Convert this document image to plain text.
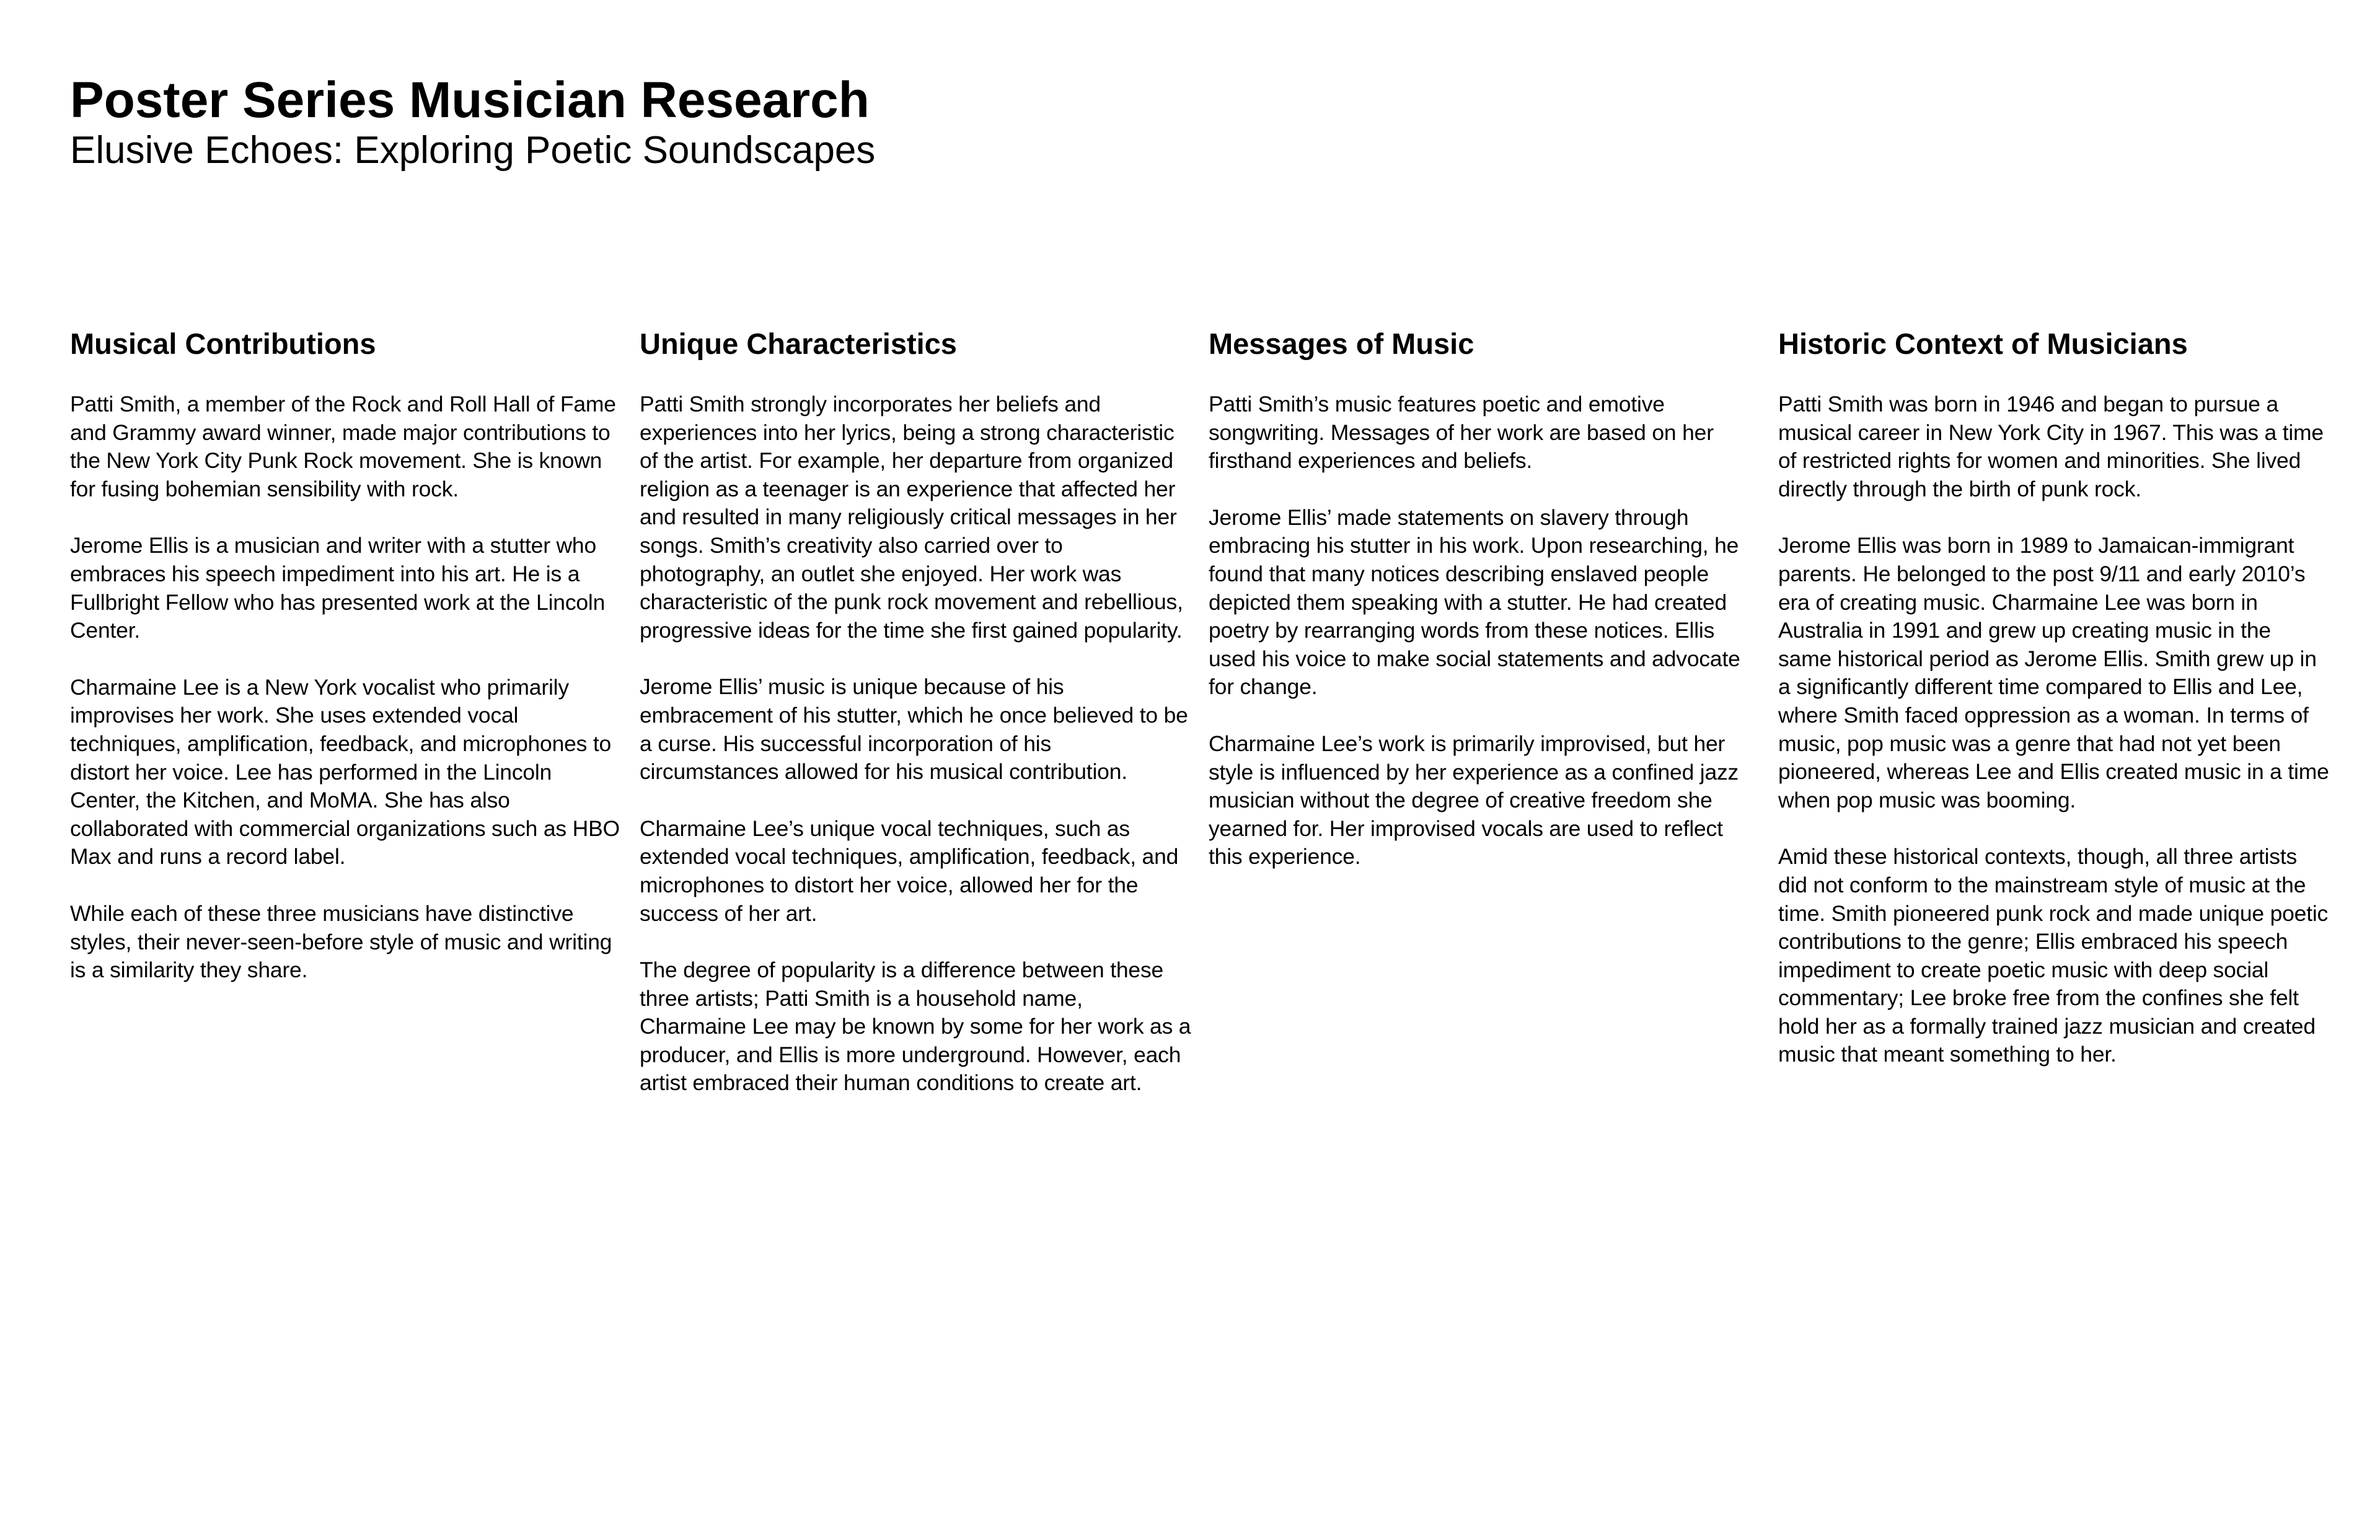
Poster Series Musician Research
Elusive Echoes: Exploring Poetic Soundscapes
Musical Contributions

Patti Smith, a member of the Rock and Roll Hall of Fame and Grammy award winner, made major contributions to the New York City Punk Rock movement. She is known for fusing bohemian sensibility with rock.

Jerome Ellis is a musician and writer with a stutter who embraces his speech impediment into his art. He is a Fullbright Fellow who has presented work at the Lincoln Center.

Charmaine Lee is a New York vocalist who primarily improvises her work. She uses extended vocal techniques, amplification, feedback, and microphones to distort her voice. Lee has performed in the Lincoln Center, the Kitchen, and MoMA. She has also collaborated with commercial organizations such as HBO Max and runs a record label.

While each of these three musicians have distinctive styles, their never-seen-before style of music and writing is a similarity they share.

Unique Characteristics

Patti Smith strongly incorporates her beliefs and experiences into her lyrics, being a strong characteristic of the artist. For example, her departure from organized religion as a teenager is an experience that affected her and resulted in many religiously critical messages in her songs. Smith’s creativity also carried over to photography, an outlet she enjoyed. Her work was characteristic of the punk rock movement and rebellious, progressive ideas for the time she first gained popularity.

Jerome Ellis’ music is unique because of his embracement of his stutter, which he once believed to be a curse. His successful incorporation of his circumstances allowed for his musical contribution.

Charmaine Lee’s unique vocal techniques, such as extended vocal techniques, amplification, feedback, and microphones to distort her voice, allowed her for the success of her art.

The degree of popularity is a difference between these three artists; Patti Smith is a household name, Charmaine Lee may be known by some for her work as a producer, and Ellis is more underground. However, each artist embraced their human conditions to create art.

Messages of Music

Patti Smith’s music features poetic and emotive songwriting. Messages of her work are based on her firsthand experiences and beliefs.

Jerome Ellis’ made statements on slavery through embracing his stutter in his work. Upon researching, he found that many notices describing enslaved people depicted them speaking with a stutter. He had created poetry by rearranging words from these notices. Ellis used his voice to make social statements and advocate for change.

Charmaine Lee’s work is primarily improvised, but her style is influenced by her experience as a confined jazz musician without the degree of creative freedom she yearned for. Her improvised vocals are used to reflect this experience.

Historic Context of Musicians

Patti Smith was born in 1946 and began to pursue a musical career in New York City in 1967. This was a time of restricted rights for women and minorities. She lived directly through the birth of punk rock.

Jerome Ellis was born in 1989 to Jamaican-immigrant parents. He belonged to the post 9/11 and early 2010’s era of creating music. Charmaine Lee was born in Australia in 1991 and grew up creating music in the same historical period as Jerome Ellis. Smith grew up in a significantly different time compared to Ellis and Lee, where Smith faced oppression as a woman. In terms of music, pop music was a genre that had not yet been pioneered, whereas Lee and Ellis created music in a time when pop music was booming.

Amid these historical contexts, though, all three artists did not conform to the mainstream style of music at the time. Smith pioneered punk rock and made unique poetic contributions to the genre; Ellis embraced his speech impediment to create poetic music with deep social commentary; Lee broke free from the confines she felt hold her as a formally trained jazz musician and created music that meant something to her.
